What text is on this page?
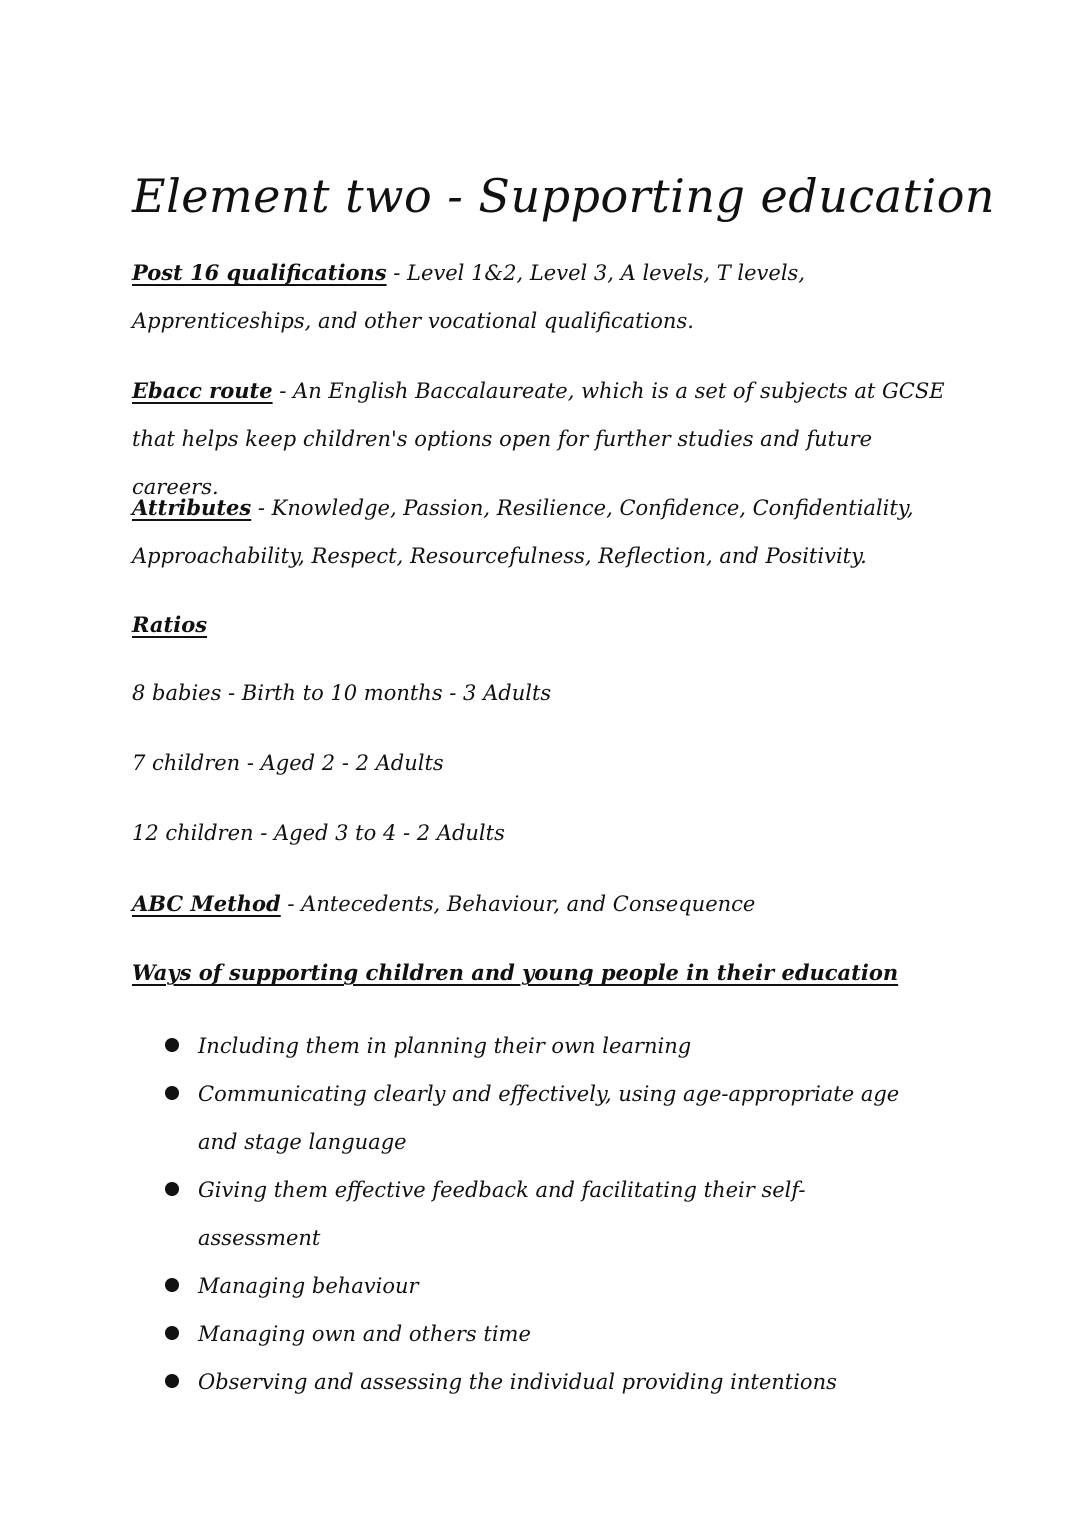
Element two - Supporting education

Post 16 qualifications - Level 1&2, Level 3, A levels, T levels, Apprenticeships, and other vocational qualifications.

Ebacc route - An English Baccalaureate, which is a set of subjects at GCSE that helps keep children's options open for further studies and future careers.

Attributes - Knowledge, Passion, Resilience, Confidence, Confidentiality, Approachability, Respect, Resourcefulness, Reflection, and Positivity.

Ratios
8 babies - Birth to 10 months - 3 Adults
7 children - Aged 2 - 2 Adults
12 children - Aged 3 to 4 - 2 Adults
ABC Method - Antecedents, Behaviour, and Consequence
Ways of supporting children and young people in their education
Including them in planning their own learning
Communicating clearly and effectively, using age-appropriate age and stage language
Giving them effective feedback and facilitating their self-assessment
Managing behaviour
Managing own and others time
Observing and assessing the individual providing intentions
